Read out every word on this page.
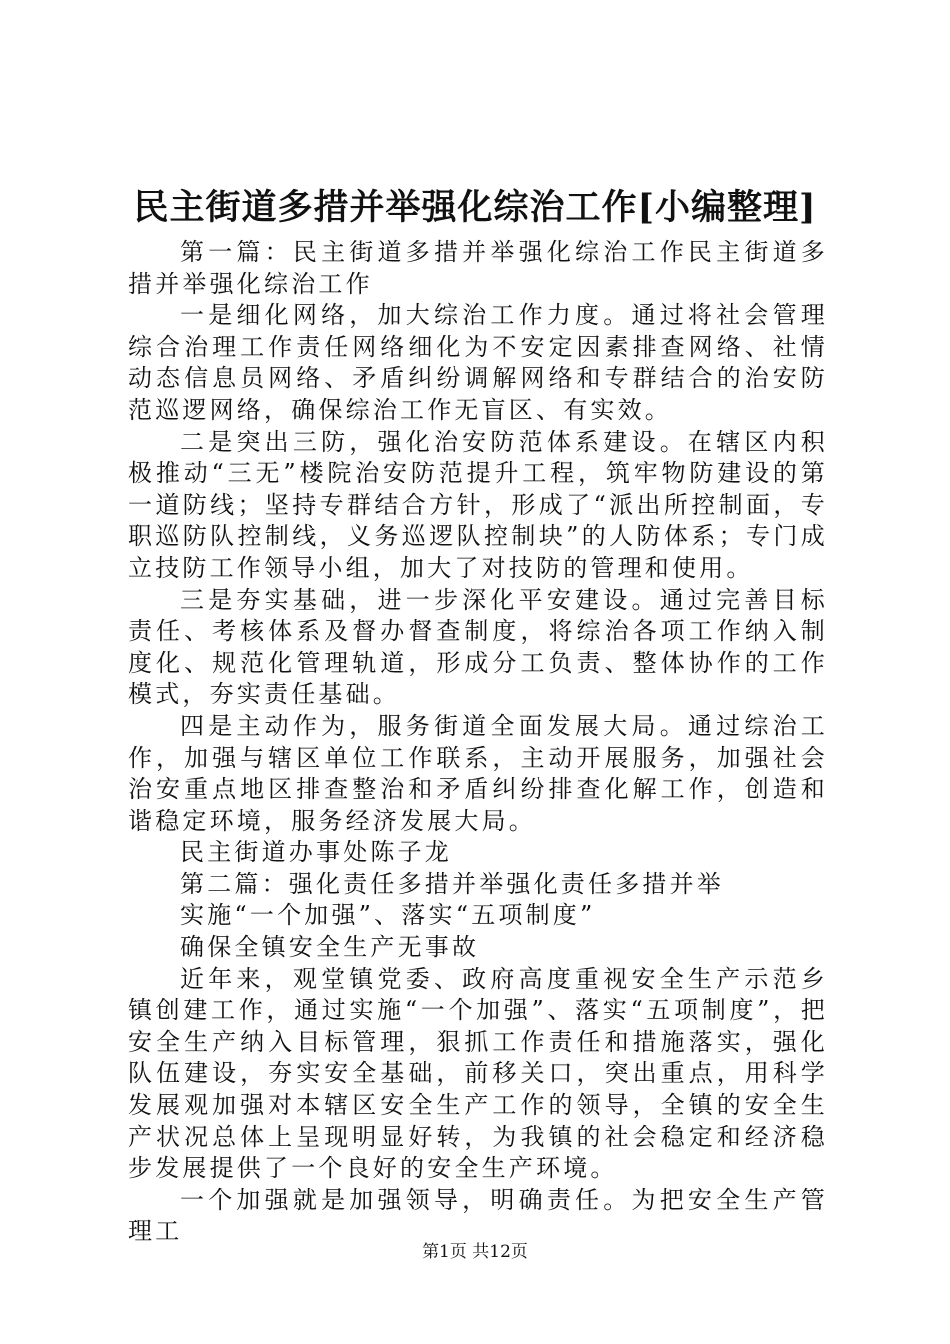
民主街道多措并举强化综治工作[小编整理]

第一篇：民主街道多措并举强化综治工作民主街道多措并举强化综治工作

一是细化网络，加大综治工作力度。通过将社会管理综合治理工作责任网络细化为不安定因素排查网络、社情动态信息员网络、矛盾纠纷调解网络和专群结合的治安防范巡逻网络，确保综治工作无盲区、有实效。

二是突出三防，强化治安防范体系建设。在辖区内积极推动“三无”楼院治安防范提升工程，筑牢物防建设的第一道防线；坚持专群结合方针，形成了“派出所控制面，专职巡防队控制线，义务巡逻队控制块”的人防体系；专门成立技防工作领导小组，加大了对技防的管理和使用。

三是夯实基础，进一步深化平安建设。通过完善目标责任、考核体系及督办督查制度，将综治各项工作纳入制度化、规范化管理轨道，形成分工负责、整体协作的工作模式，夯实责任基础。

四是主动作为，服务街道全面发展大局。通过综治工作，加强与辖区单位工作联系，主动开展服务，加强社会治安重点地区排查整治和矛盾纠纷排查化解工作，创造和谐稳定环境，服务经济发展大局。

民主街道办事处陈子龙

第二篇：强化责任多措并举强化责任多措并举

实施“一个加强”、落实“五项制度”

确保全镇安全生产无事故

近年来，观堂镇党委、政府高度重视安全生产示范乡镇创建工作，通过实施“一个加强”、落实“五项制度”，把安全生产纳入目标管理，狠抓工作责任和措施落实，强化队伍建设，夯实安全基础，前移关口，突出重点，用科学发展观加强对本辖区安全生产工作的领导，全镇的安全生产状况总体上呈现明显好转，为我镇的社会稳定和经济稳步发展提供了一个良好的安全生产环境。

一个加强就是加强领导，明确责任。为把安全生产管理工

第1页 共12页
